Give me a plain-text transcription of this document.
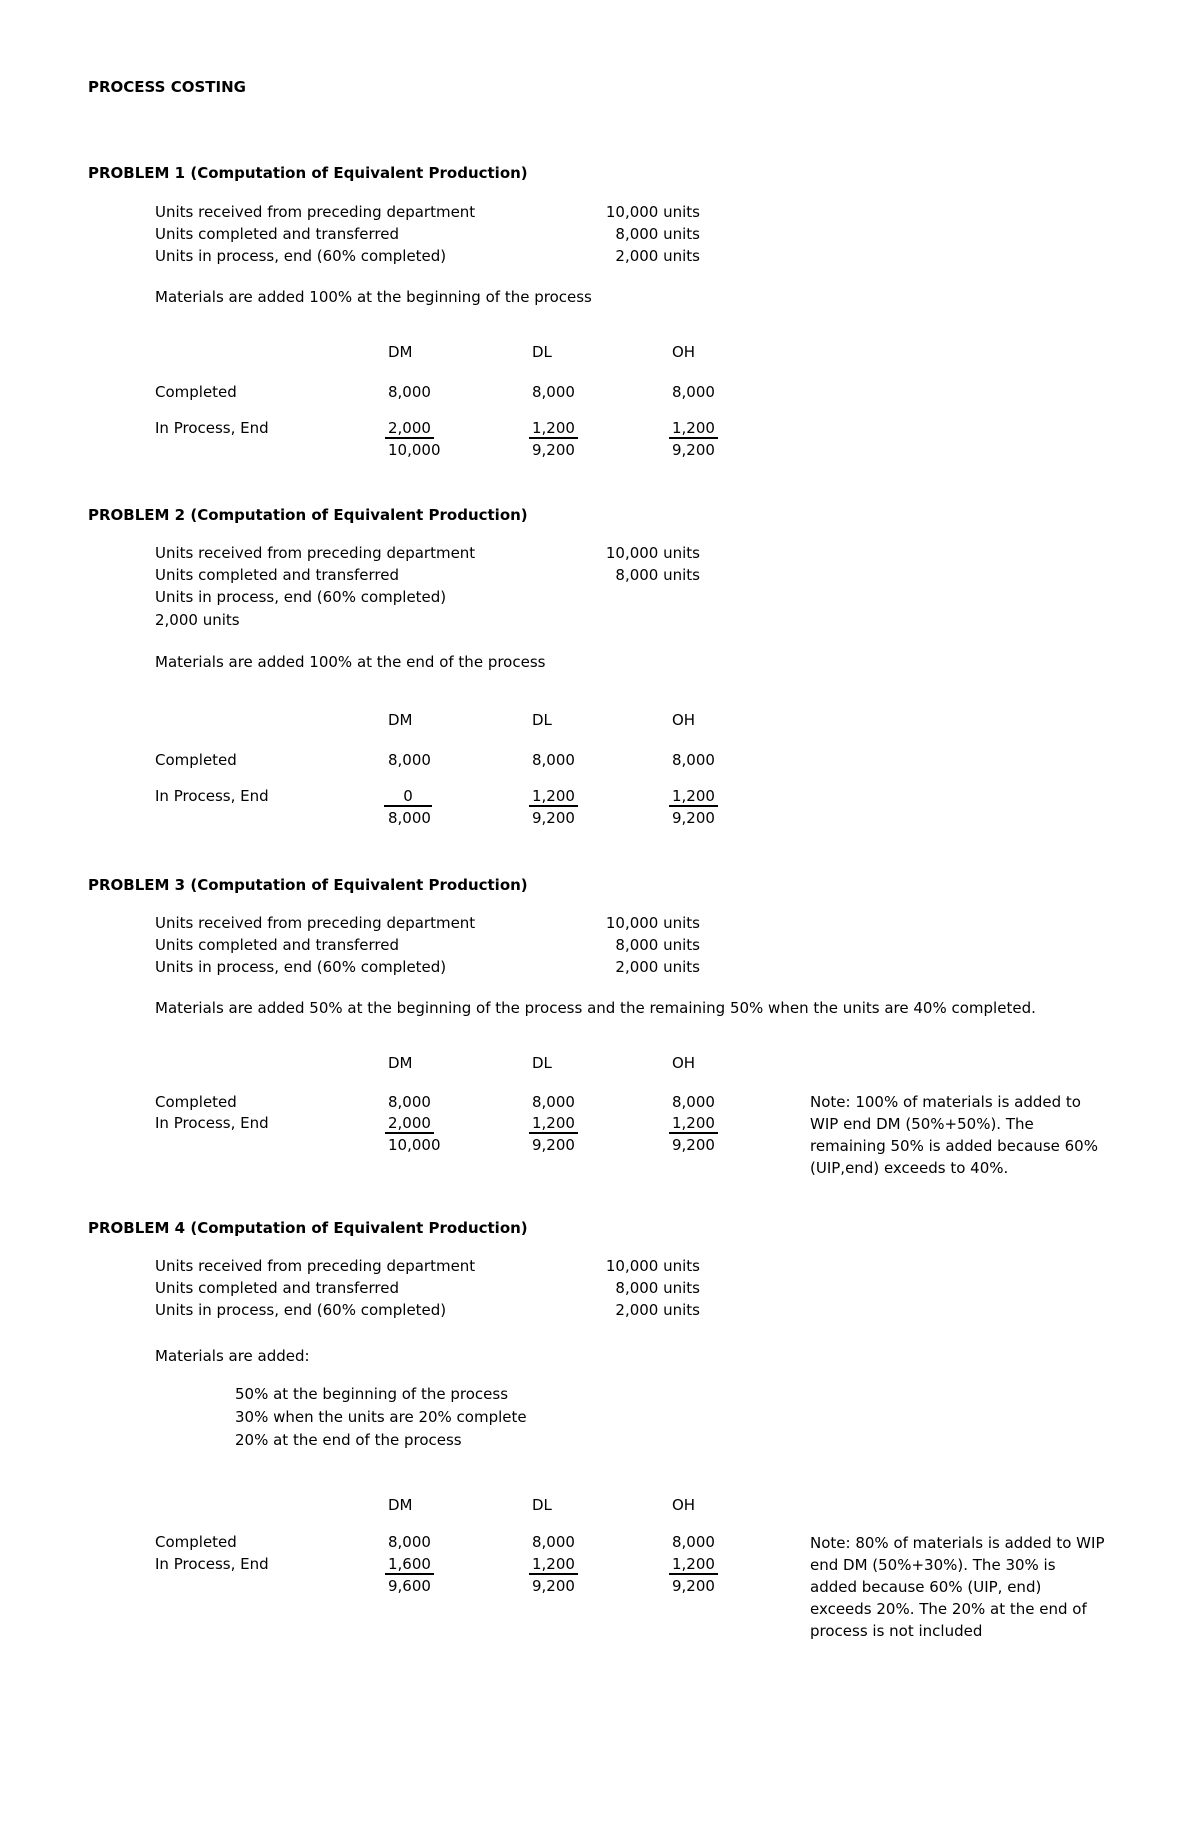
PROCESS COSTING
PROBLEM 1 (Computation of Equivalent Production)
Units received from preceding department	10,000 units
Units completed and transferred	8,000 units
Units in process, end (60% completed)	2,000 units
Materials are added 100% at the beginning of the process
DM	DL	OH
Completed	8,000	8,000	8,000
In Process, End	2,000	1,200	1,200
10,000	9,200	9,200
PROBLEM 2 (Computation of Equivalent Production)
Units received from preceding department	10,000 units
Units completed and transferred	8,000 units
Units in process, end (60% completed)
2,000 units
Materials are added 100% at the end of the process
DM	DL	OH
Completed	8,000	8,000	8,000
In Process, End	0	1,200	1,200
8,000	9,200	9,200
PROBLEM 3 (Computation of Equivalent Production)
Units received from preceding department	10,000 units
Units completed and transferred	8,000 units
Units in process, end (60% completed)	2,000 units
Materials are added 50% at the beginning of the process and the remaining 50% when the units are 40% completed.
DM	DL	OH
Completed	8,000	8,000	8,000
In Process, End	2,000	1,200	1,200
10,000	9,200	9,200
Note: 100% of materials is added to WIP end DM (50%+50%). The remaining 50% is added because 60% (UIP,end) exceeds to 40%.
PROBLEM 4 (Computation of Equivalent Production)
Units received from preceding department	10,000 units
Units completed and transferred	8,000 units
Units in process, end (60% completed)	2,000 units
Materials are added:
50% at the beginning of the process
30% when the units are 20% complete
20% at the end of the process
DM	DL	OH
Completed	8,000	8,000	8,000
In Process, End	1,600	1,200	1,200
9,600	9,200	9,200
Note: 80% of materials is added to WIP end DM (50%+30%). The 30% is added because 60% (UIP, end) exceeds 20%. The 20% at the end of process is not included
